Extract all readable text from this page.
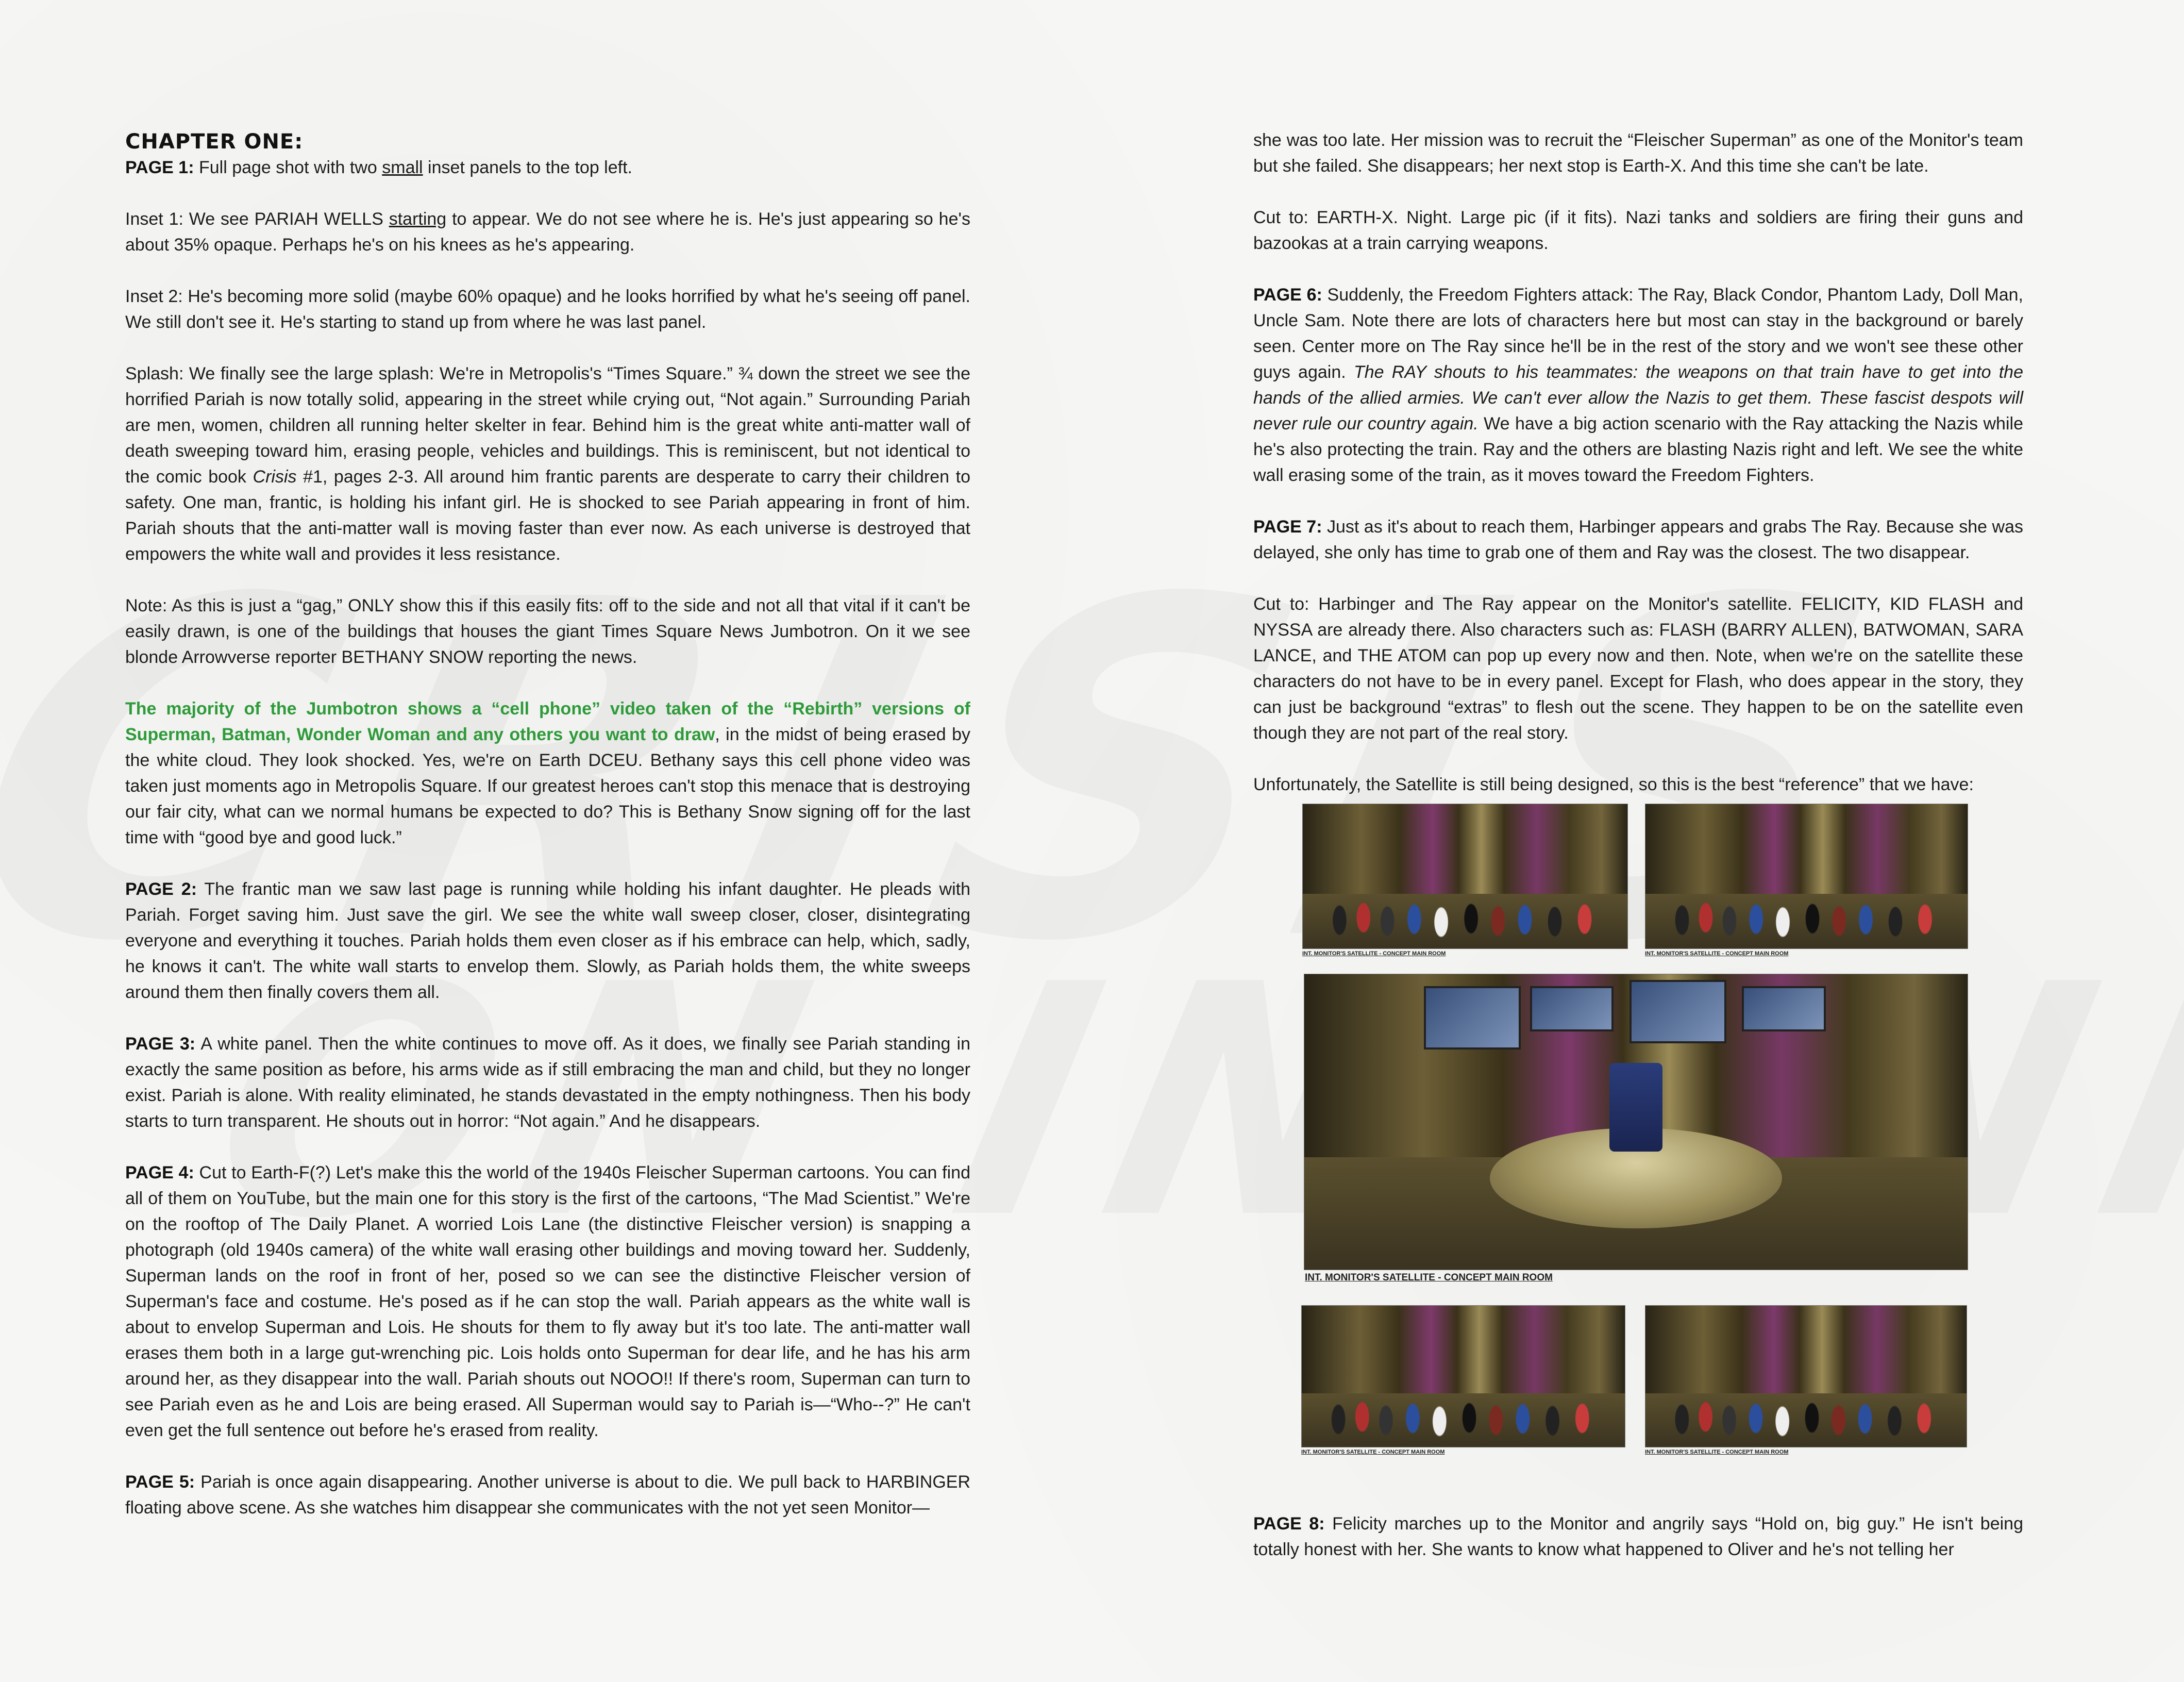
CHAPTER ONE:

PAGE 1: Full page shot with two small inset panels to the top left.

Inset 1: We see PARIAH WELLS starting to appear. We do not see where he is. He's just appearing so he's about 35% opaque. Perhaps he's on his knees as he's appearing.

Inset 2: He's becoming more solid (maybe 60% opaque) and he looks horrified by what he's seeing off panel. We still don't see it. He's starting to stand up from where he was last panel.

Splash: We finally see the large splash: We're in Metropolis's “Times Square.” ¾ down the street we see the horrified Pariah is now totally solid, appearing in the street while crying out, “Not again.” Surrounding Pariah are men, women, children all running helter skelter in fear. Behind him is the great white anti-matter wall of death sweeping toward him, erasing people, vehicles and buildings. This is reminiscent, but not identical to the comic book Crisis #1, pages 2-3. All around him frantic parents are desperate to carry their children to safety. One man, frantic, is holding his infant girl. He is shocked to see Pariah appearing in front of him. Pariah shouts that the anti-matter wall is moving faster than ever now. As each universe is destroyed that empowers the white wall and provides it less resistance.

Note: As this is just a “gag,” ONLY show this if this easily fits: off to the side and not all that vital if it can't be easily drawn, is one of the buildings that houses the giant Times Square News Jumbotron. On it we see blonde Arrowverse reporter BETHANY SNOW reporting the news.

The majority of the Jumbotron shows a “cell phone” video taken of the “Rebirth” versions of Superman, Batman, Wonder Woman and any others you want to draw, in the midst of being erased by the white cloud. They look shocked. Yes, we're on Earth DCEU. Bethany says this cell phone video was taken just moments ago in Metropolis Square. If our greatest heroes can't stop this menace that is destroying our fair city, what can we normal humans be expected to do? This is Bethany Snow signing off for the last time with “good bye and good luck.”

PAGE 2: The frantic man we saw last page is running while holding his infant daughter. He pleads with Pariah. Forget saving him. Just save the girl. We see the white wall sweep closer, closer, disintegrating everyone and everything it touches. Pariah holds them even closer as if his embrace can help, which, sadly, he knows it can't. The white wall starts to envelop them. Slowly, as Pariah holds them, the white sweeps around them then finally covers them all.

PAGE 3: A white panel. Then the white continues to move off. As it does, we finally see Pariah standing in exactly the same position as before, his arms wide as if still embracing the man and child, but they no longer exist. Pariah is alone. With reality eliminated, he stands devastated in the empty nothingness. Then his body starts to turn transparent. He shouts out in horror: “Not again.” And he disappears.

PAGE 4: Cut to Earth-F(?) Let's make this the world of the 1940s Fleischer Superman cartoons. You can find all of them on YouTube, but the main one for this story is the first of the cartoons, “The Mad Scientist.” We're on the rooftop of The Daily Planet. A worried Lois Lane (the distinctive Fleischer version) is snapping a photograph (old 1940s camera) of the white wall erasing other buildings and moving toward her. Suddenly, Superman lands on the roof in front of her, posed so we can see the distinctive Fleischer version of Superman's face and costume. He's posed as if he can stop the wall. Pariah appears as the white wall is about to envelop Superman and Lois. He shouts for them to fly away but it's too late. The anti-matter wall erases them both in a large gut-wrenching pic. Lois holds onto Superman for dear life, and he has his arm around her, as they disappear into the wall. Pariah shouts out NOOO!! If there's room, Superman can turn to see Pariah even as he and Lois are being erased. All Superman would say to Pariah is—“Who--?” He can't even get the full sentence out before he's erased from reality.

PAGE 5: Pariah is once again disappearing. Another universe is about to die. We pull back to HARBINGER floating above scene. As she watches him disappear she communicates with the not yet seen Monitor—

she was too late. Her mission was to recruit the “Fleischer Superman” as one of the Monitor's team but she failed. She disappears; her next stop is Earth-X. And this time she can't be late.

Cut to: EARTH-X. Night. Large pic (if it fits). Nazi tanks and soldiers are firing their guns and bazookas at a train carrying weapons.

PAGE 6: Suddenly, the Freedom Fighters attack: The Ray, Black Condor, Phantom Lady, Doll Man, Uncle Sam. Note there are lots of characters here but most can stay in the background or barely seen. Center more on The Ray since he'll be in the rest of the story and we won't see these other guys again. The RAY shouts to his teammates: the weapons on that train have to get into the hands of the allied armies. We can't ever allow the Nazis to get them. These fascist despots will never rule our country again. We have a big action scenario with the Ray attacking the Nazis while he's also protecting the train. Ray and the others are blasting Nazis right and left. We see the white wall erasing some of the train, as it moves toward the Freedom Fighters.

PAGE 7: Just as it's about to reach them, Harbinger appears and grabs The Ray. Because she was delayed, she only has time to grab one of them and Ray was the closest. The two disappear.

Cut to: Harbinger and The Ray appear on the Monitor's satellite. FELICITY, KID FLASH and NYSSA are already there. Also characters such as: FLASH (BARRY ALLEN), BATWOMAN, SARA LANCE, and THE ATOM can pop up every now and then. Note, when we're on the satellite these characters do not have to be in every panel. Except for Flash, who does appear in the story, they can just be background “extras” to flesh out the scene. They happen to be on the satellite even though they are not part of the real story.

Unfortunately, the Satellite is still being designed, so this is the best “reference” that we have:

INT. MONITOR'S SATELLITE - CONCEPT MAIN ROOM	INT. MONITOR'S SATELLITE - CONCEPT MAIN ROOM
INT. MONITOR'S SATELLITE - CONCEPT MAIN ROOM
INT. MONITOR'S SATELLITE - CONCEPT MAIN ROOM	INT. MONITOR'S SATELLITE - CONCEPT MAIN ROOM

PAGE 8: Felicity marches up to the Monitor and angrily says “Hold on, big guy.” He isn't being totally honest with her. She wants to know what happened to Oliver and he's not telling her
